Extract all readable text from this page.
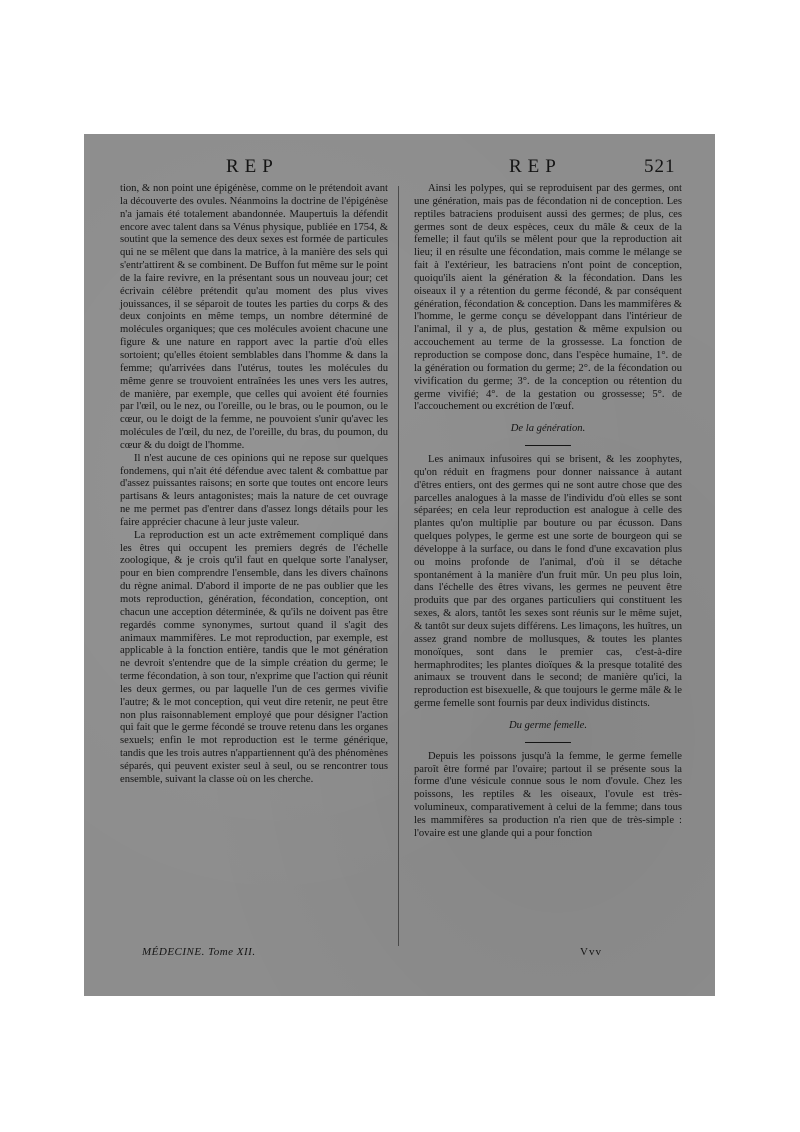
REP	REP	521

tion, & non point une épigénèse, comme on le prétendoit avant la découverte des ovules. Néanmoins la doctrine de l'épigénèse n'a jamais été totalement abandonnée. Maupertuis la défendit encore avec talent dans sa Vénus physique, publiée en 1754, & soutint que la semence des deux sexes est formée de particules qui ne se mêlent que dans la matrice, à la manière des sels qui s'entr'attirent & se combinent. De Buffon fut même sur le point de la faire revivre, en la présentant sous un nouveau jour; cet écrivain célèbre prétendit qu'au moment des plus vives jouissances, il se séparoit de toutes les parties du corps & des deux conjoints en même temps, un nombre déterminé de molécules organiques; que ces molécules avoient chacune une figure & une nature en rapport avec la partie d'où elles sortoient; qu'elles étoient semblables dans l'homme & dans la femme; qu'arrivées dans l'utérus, toutes les molécules du même genre se trouvoient entraînées les unes vers les autres, de manière, par exemple, que celles qui avoient été fournies par l'œil, ou le nez, ou l'oreille, ou le bras, ou le poumon, ou le cœur, ou le doigt de la femme, ne pouvoient s'unir qu'avec les molécules de l'œil, du nez, de l'oreille, du bras, du poumon, du cœur & du doigt de l'homme.

Il n'est aucune de ces opinions qui ne repose sur quelques fondemens, qui n'ait été défendue avec talent & combattue par d'assez puissantes raisons; en sorte que toutes ont encore leurs partisans & leurs antagonistes; mais la nature de cet ouvrage ne me permet pas d'entrer dans d'assez longs détails pour les faire apprécier chacune à leur juste valeur.

La reproduction est un acte extrêmement compliqué dans les êtres qui occupent les premiers degrés de l'échelle zoologique, & je crois qu'il faut en quelque sorte l'analyser, pour en bien comprendre l'ensemble, dans les divers chaînons du règne animal. D'abord il importe de ne pas oublier que les mots reproduction, génération, fécondation, conception, ont chacun une acception déterminée, & qu'ils ne doivent pas être regardés comme synonymes, surtout quand il s'agit des animaux mammifères. Le mot reproduction, par exemple, est applicable à la fonction entière, tandis que le mot génération ne devroit s'entendre que de la simple création du germe; le terme fécondation, à son tour, n'exprime que l'action qui réunit les deux germes, ou par laquelle l'un de ces germes vivifie l'autre; & le mot conception, qui veut dire retenir, ne peut être non plus raisonnablement employé que pour désigner l'action qui fait que le germe fécondé se trouve retenu dans les organes sexuels; enfin le mot reproduction est le terme générique, tandis que les trois autres n'appartiennent qu'à des phénomènes séparés, qui peuvent exister seul à seul, ou se rencontrer tous ensemble, suivant la classe où on les cherche.

Ainsi les polypes, qui se reproduisent par des germes, ont une génération, mais pas de fécondation ni de conception. Les reptiles batraciens produisent aussi des germes; de plus, ces germes sont de deux espèces, ceux du mâle & ceux de la femelle; il faut qu'ils se mêlent pour que la reproduction ait lieu; il en résulte une fécondation, mais comme le mélange se fait à l'extérieur, les batraciens n'ont point de conception, quoiqu'ils aient la génération & la fécondation. Dans les oiseaux il y a rétention du germe fécondé, & par conséquent génération, fécondation & conception. Dans les mammifères & l'homme, le germe conçu se développant dans l'intérieur de l'animal, il y a, de plus, gestation & même expulsion ou accouchement au terme de la grossesse. La fonction de reproduction se compose donc, dans l'espèce humaine, 1°. de la génération ou formation du germe; 2°. de la fécondation ou vivification du germe; 3°. de la conception ou rétention du germe vivifié; 4°. de la gestation ou grossesse; 5°. de l'accouchement ou excrétion de l'œuf.

De la génération.

Les animaux infusoires qui se brisent, & les zoophytes, qu'on réduit en fragmens pour donner naissance à autant d'êtres entiers, ont des germes qui ne sont autre chose que des parcelles analogues à la masse de l'individu d'où elles se sont séparées; en cela leur reproduction est analogue à celle des plantes qu'on multiplie par bouture ou par écusson. Dans quelques polypes, le germe est une sorte de bourgeon qui se développe à la surface, ou dans le fond d'une excavation plus ou moins profonde de l'animal, d'où il se détache spontanément à la manière d'un fruit mûr. Un peu plus loin, dans l'échelle des êtres vivans, les germes ne peuvent être produits que par des organes particuliers qui constituent les sexes, & alors, tantôt les sexes sont réunis sur le même sujet, & tantôt sur deux sujets différens. Les limaçons, les huîtres, un assez grand nombre de mollusques, & toutes les plantes monoïques, sont dans le premier cas, c'est-à-dire hermaphrodites; les plantes dioïques & la presque totalité des animaux se trouvent dans le second; de manière qu'ici, la reproduction est bisexuelle, & que toujours le germe mâle & le germe femelle sont fournis par deux individus distincts.

Du germe femelle.

Depuis les poissons jusqu'à la femme, le germe femelle paroît être formé par l'ovaire; partout il se présente sous la forme d'une vésicule connue sous le nom d'ovule. Chez les poissons, les reptiles & les oiseaux, l'ovule est très-volumineux, comparativement à celui de la femme; dans tous les mammifères sa production n'a rien que de très-simple : l'ovaire est une glande qui a pour fonction

MÉDECINE. Tome XII.	Vvv
